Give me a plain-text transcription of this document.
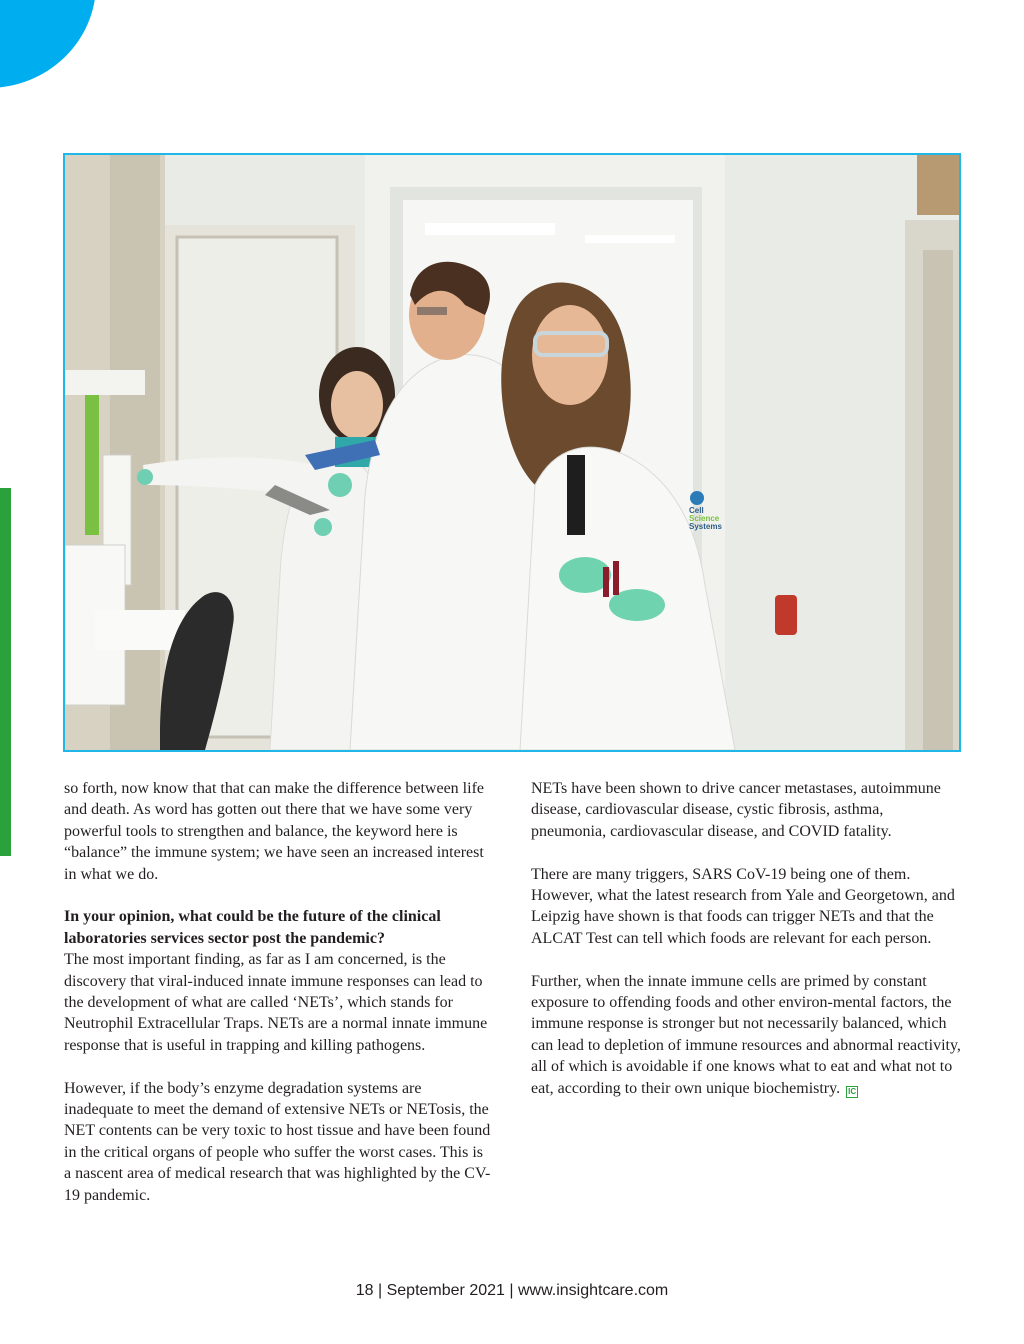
Cell
Science
Systems

so forth, now know that that can make the difference between life and death. As word has gotten out there that we have some very powerful tools to strengthen and balance, the keyword here is “balance” the immune system; we have seen an increased interest in what we do.

In your opinion, what could be the future of the clinical laboratories services sector post the pandemic?
The most important finding, as far as I am concerned, is the discovery that viral-induced innate immune responses can lead to the development of what are called ‘NETs’, which stands for Neutrophil Extracellular Traps. NETs are a normal innate immune response that is useful in trapping and killing pathogens.

However, if the body’s enzyme degradation systems are inadequate to meet the demand of extensive NETs or NETosis, the NET contents can be very toxic to host tissue and have been found in the critical organs of people who suffer the worst cases. This is a nascent area of medical research that was highlighted by the CV-19 pandemic.

NETs have been shown to drive cancer metastases, autoimmune disease, cardiovascular disease, cystic fibrosis, asthma, pneumonia, cardiovascular disease, and COVID fatality.

There are many triggers, SARS CoV-19 being one of them. However, what the latest research from Yale and Georgetown, and Leipzig have shown is that foods can trigger NETs and that the ALCAT Test can tell which foods are relevant for each person.

Further, when the innate immune cells are primed by constant exposure to offending foods and other environ-mental factors, the immune response is stronger but not necessarily balanced, which can lead to depletion of immune resources and abnormal reactivity, all of which is avoidable if one knows what to eat and what not to eat, according to their own unique biochemistry. IC

18 | September 2021 | www.insightcare.com
